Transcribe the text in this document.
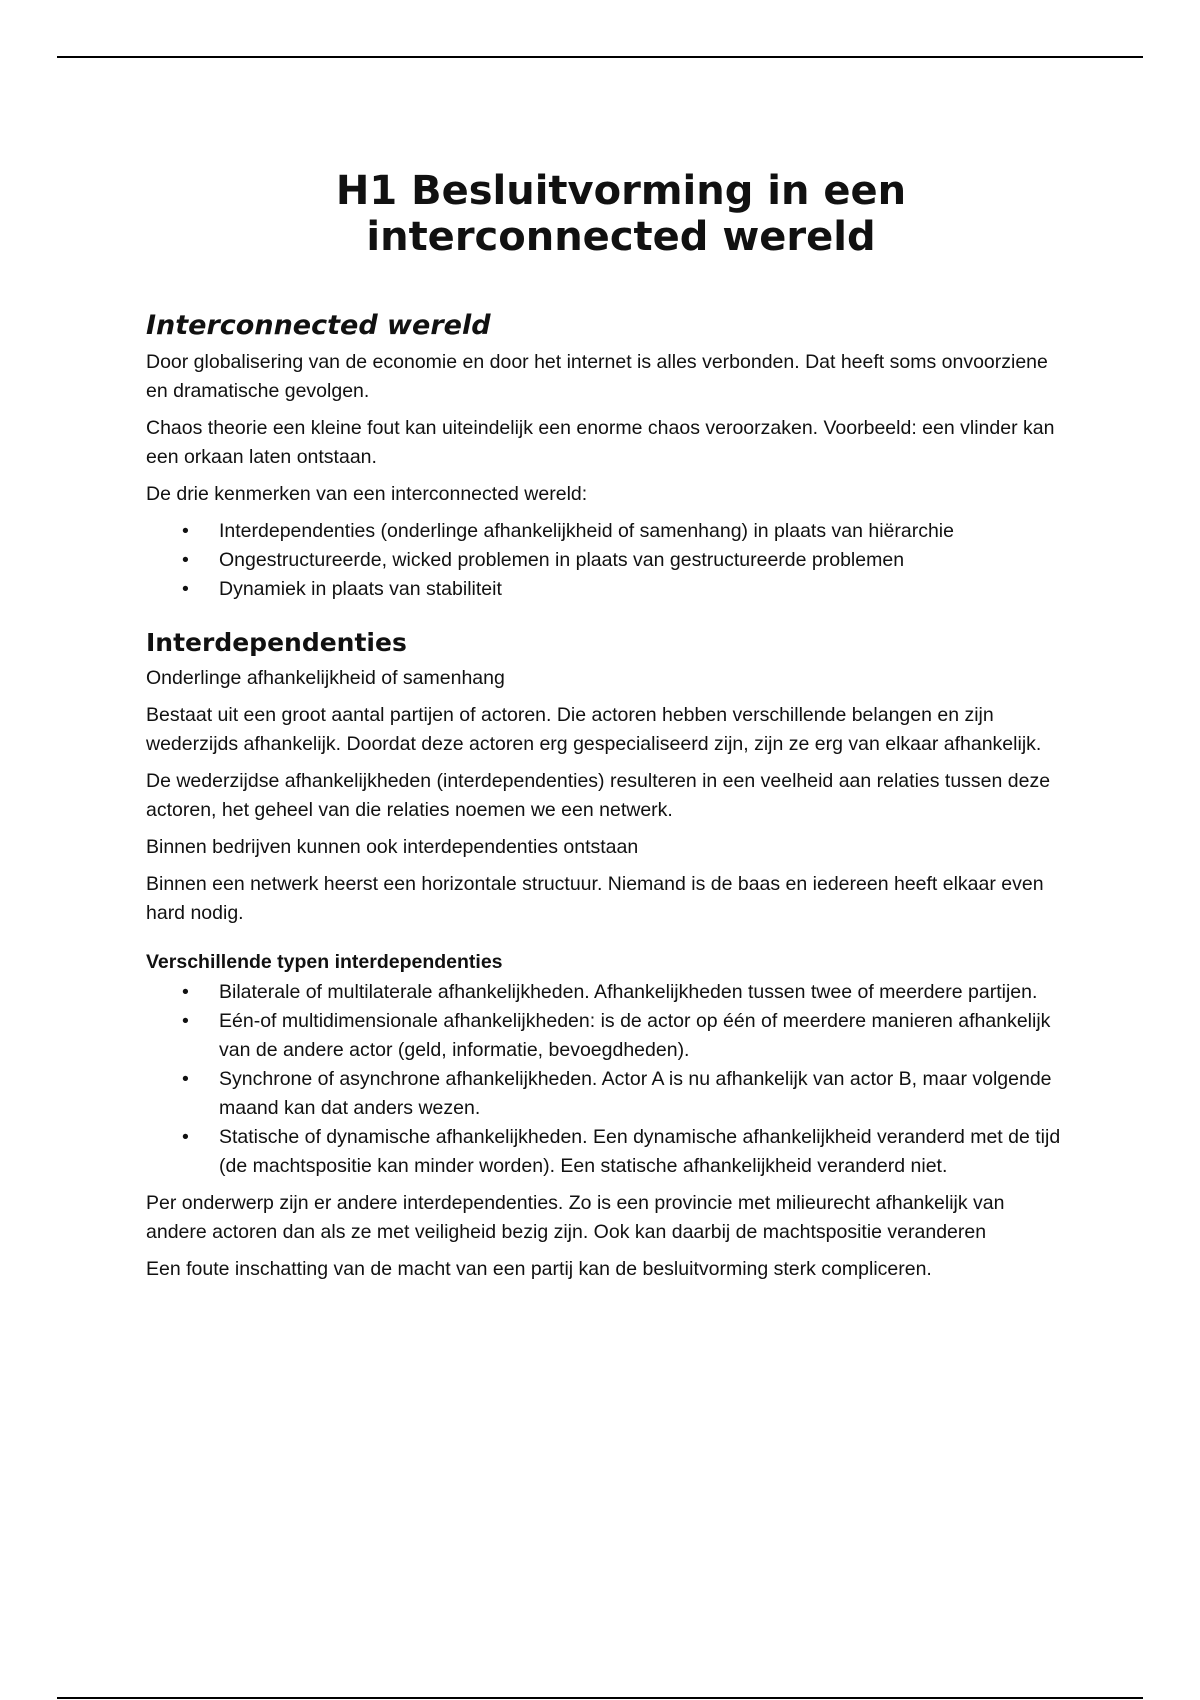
H1 Besluitvorming in een
interconnected wereld
Interconnected wereld

Door globalisering van de economie en door het internet is alles verbonden. Dat heeft soms onvoorziene en dramatische gevolgen.

Chaos theorie een kleine fout kan uiteindelijk een enorme chaos veroorzaken. Voorbeeld: een vlinder kan een orkaan laten ontstaan.

De drie kenmerken van een interconnected wereld:

• Interdependenties (onderlinge afhankelijkheid of samenhang) in plaats van hiërarchie
• Ongestructureerde, wicked problemen in plaats van gestructureerde problemen
• Dynamiek in plaats van stabiliteit
Interdependenties

Onderlinge afhankelijkheid of samenhang

Bestaat uit een groot aantal partijen of actoren. Die actoren hebben verschillende belangen en zijn wederzijds afhankelijk. Doordat deze actoren erg gespecialiseerd zijn, zijn ze erg van elkaar afhankelijk.

De wederzijdse afhankelijkheden (interdependenties) resulteren in een veelheid aan relaties tussen deze actoren, het geheel van die relaties noemen we een netwerk.

Binnen bedrijven kunnen ook interdependenties ontstaan

Binnen een netwerk heerst een horizontale structuur. Niemand is de baas en iedereen heeft elkaar even hard nodig.

Verschillende typen interdependenties
• Bilaterale of multilaterale afhankelijkheden. Afhankelijkheden tussen twee of meerdere partijen.
• Eén-of multidimensionale afhankelijkheden: is de actor op één of meerdere manieren afhankelijk van de andere actor (geld, informatie, bevoegdheden).
• Synchrone of asynchrone afhankelijkheden. Actor A is nu afhankelijk van actor B, maar volgende maand kan dat anders wezen.
• Statische of dynamische afhankelijkheden. Een dynamische afhankelijkheid veranderd met de tijd (de machtspositie kan minder worden). Een statische afhankelijkheid veranderd niet.

Per onderwerp zijn er andere interdependenties. Zo is een provincie met milieurecht afhankelijk van andere actoren dan als ze met veiligheid bezig zijn. Ook kan daarbij de machtspositie veranderen

Een foute inschatting van de macht van een partij kan de besluitvorming sterk compliceren.
